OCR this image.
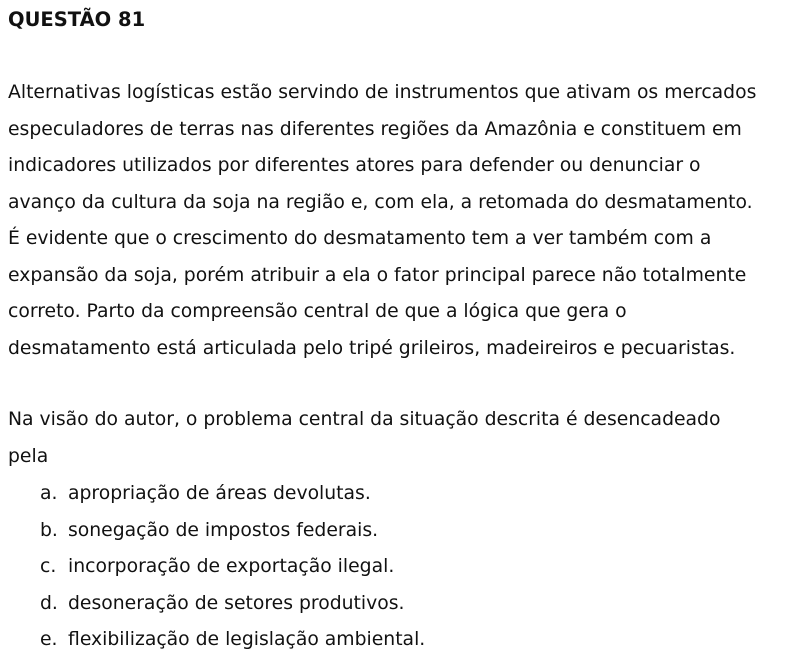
QUESTÃO 81
Alternativas logísticas estão servindo de instrumentos que ativam os mercados
especuladores de terras nas diferentes regiões da Amazônia e constituem em
indicadores utilizados por diferentes atores para defender ou denunciar o
avanço da cultura da soja na região e, com ela, a retomada do desmatamento.
É evidente que o crescimento do desmatamento tem a ver também com a
expansão da soja, porém atribuir a ela o fator principal parece não totalmente
correto. Parto da compreensão central de que a lógica que gera o
desmatamento está articulada pelo tripé grileiros, madeireiros e pecuaristas.
Na visão do autor, o problema central da situação descrita é desencadeado
pela
a. apropriação de áreas devolutas.
b. sonegação de impostos federais.
c. incorporação de exportação ilegal.
d. desoneração de setores produtivos.
e. flexibilização de legislação ambiental.
